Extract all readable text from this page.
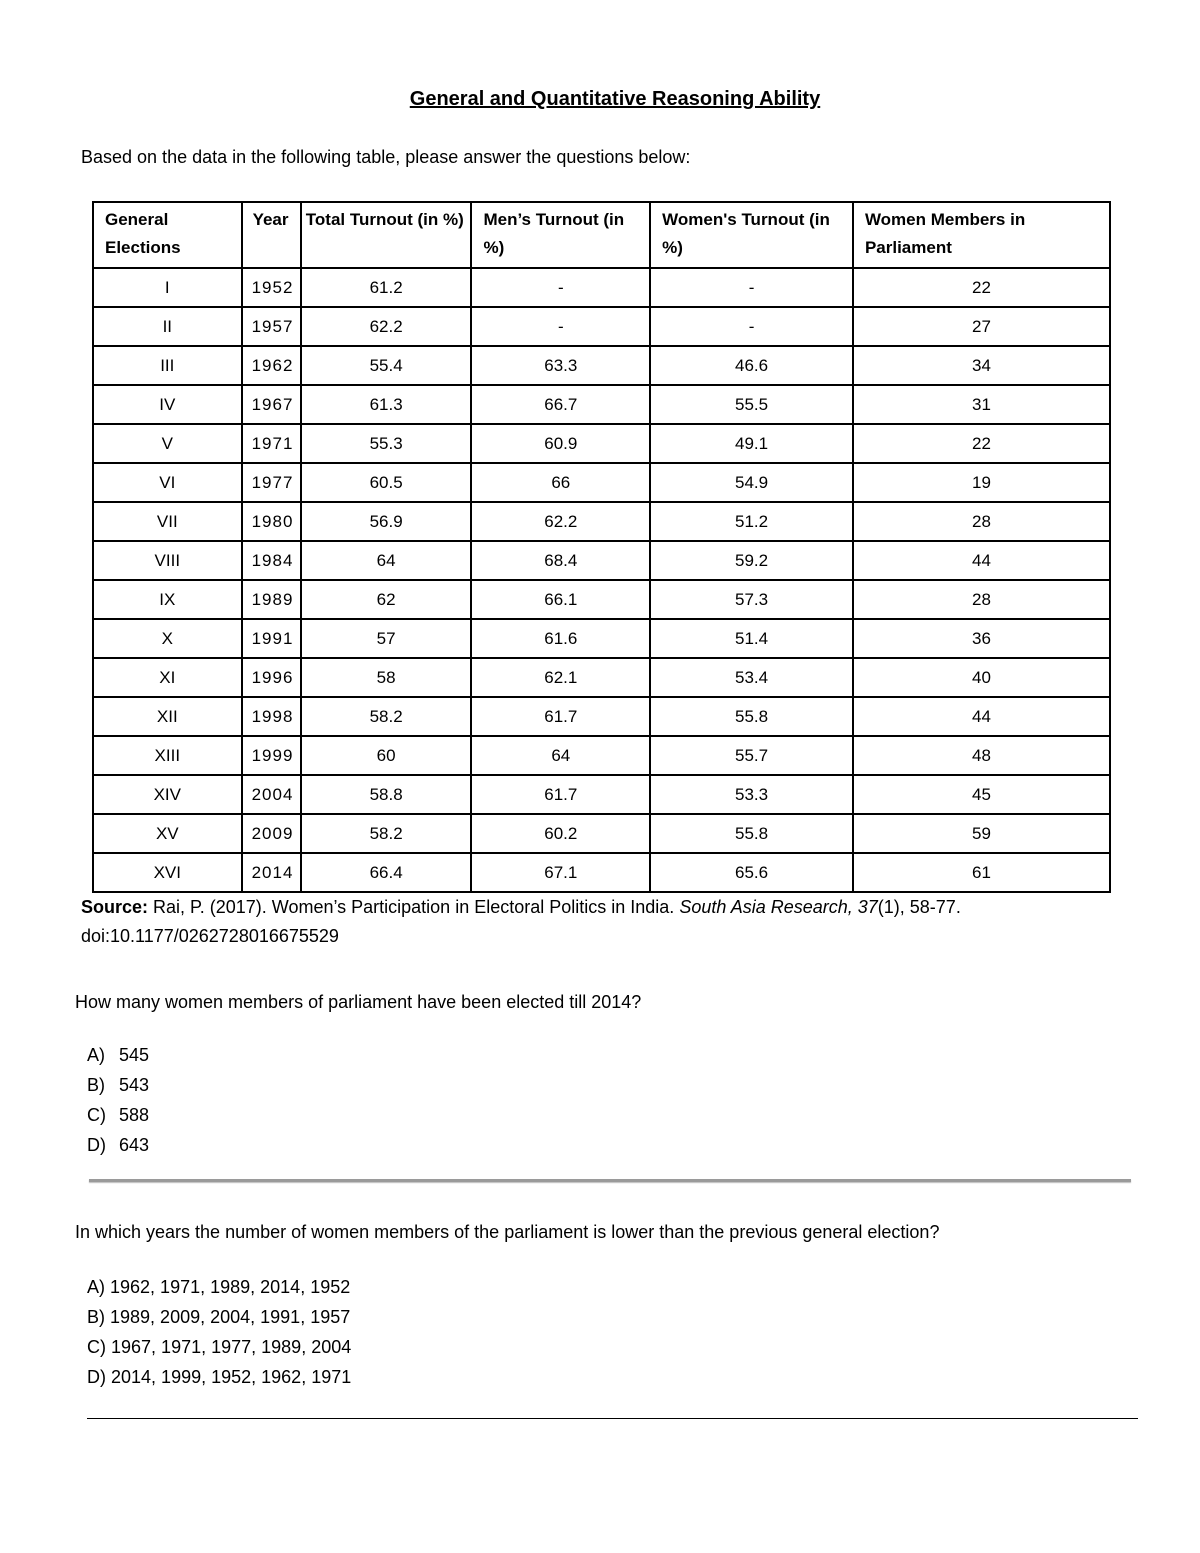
General and Quantitative Reasoning Ability
Based on the data in the following table, please answer the questions below:
General Elections	Year	Total Turnout (in %)	Men’s Turnout (in %)	Women's Turnout (in %)	Women Members in Parliament
I	1952	61.2	-	-	22
II	1957	62.2	-	-	27
III	1962	55.4	63.3	46.6	34
IV	1967	61.3	66.7	55.5	31
V	1971	55.3	60.9	49.1	22
VI	1977	60.5	66	54.9	19
VII	1980	56.9	62.2	51.2	28
VIII	1984	64	68.4	59.2	44
IX	1989	62	66.1	57.3	28
X	1991	57	61.6	51.4	36
XI	1996	58	62.1	53.4	40
XII	1998	58.2	61.7	55.8	44
XIII	1999	60	64	55.7	48
XIV	2004	58.8	61.7	53.3	45
XV	2009	58.2	60.2	55.8	59
XVI	2014	66.4	67.1	65.6	61
Source: Rai, P. (2017). Women’s Participation in Electoral Politics in India. South Asia Research, 37(1), 58-77.
doi:10.1177/0262728016675529
How many women members of parliament have been elected till 2014?
A) 545
B) 543
C) 588
D) 643
In which years the number of women members of the parliament is lower than the previous general election?
A) 1962, 1971, 1989, 2014, 1952
B) 1989, 2009, 2004, 1991, 1957
C) 1967, 1971, 1977, 1989, 2004
D) 2014, 1999, 1952, 1962, 1971
